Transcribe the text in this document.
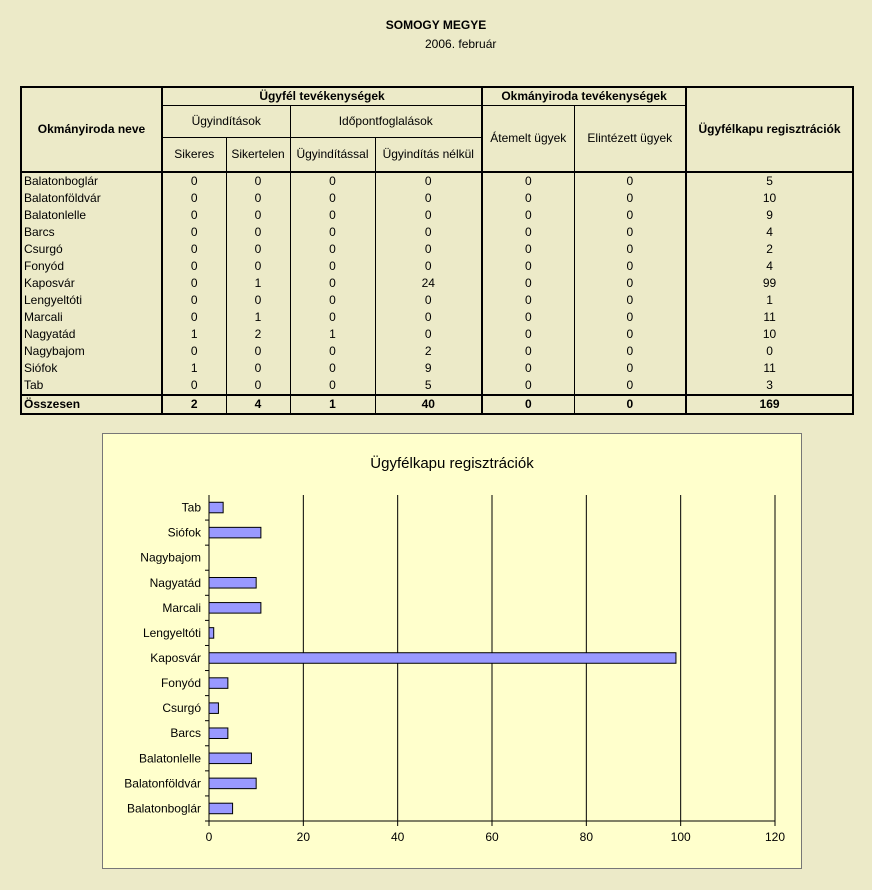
SOMOGY MEGYE
2006. február
Okmányiroda neve	Ügyfél tevékenységek				Okmányiroda tevékenységek		Ügyfélkapu regisztrációk
	Ügyindítások		Időpontfoglalások		Átemelt ügyek	Elintézett ügyek	
	Sikeres	Sikertelen	Ügyindítással	Ügyindítás nélkül			
Balatonboglár	0	0	0	0	0	0	5
Balatonföldvár	0	0	0	0	0	0	10
Balatonlelle	0	0	0	0	0	0	9
Barcs	0	0	0	0	0	0	4
Csurgó	0	0	0	0	0	0	2
Fonyód	0	0	0	0	0	0	4
Kaposvár	0	1	0	24	0	0	99
Lengyeltóti	0	0	0	0	0	0	1
Marcali	0	1	0	0	0	0	11
Nagyatád	1	2	1	0	0	0	10
Nagybajom	0	0	0	2	0	0	0
Siófok	1	0	0	9	0	0	11
Tab	0	0	0	5	0	0	3
Összesen	2	4	1	40	0	0	169
Ügyfélkapu regisztrációk
0	20	40	60	80	100	120
Balatonboglár
Balatonföldvár
Balatonlelle
Barcs
Csurgó
Fonyód
Kaposvár
Lengyeltóti
Marcali
Nagyatád
Nagybajom
Siófok
Tab
